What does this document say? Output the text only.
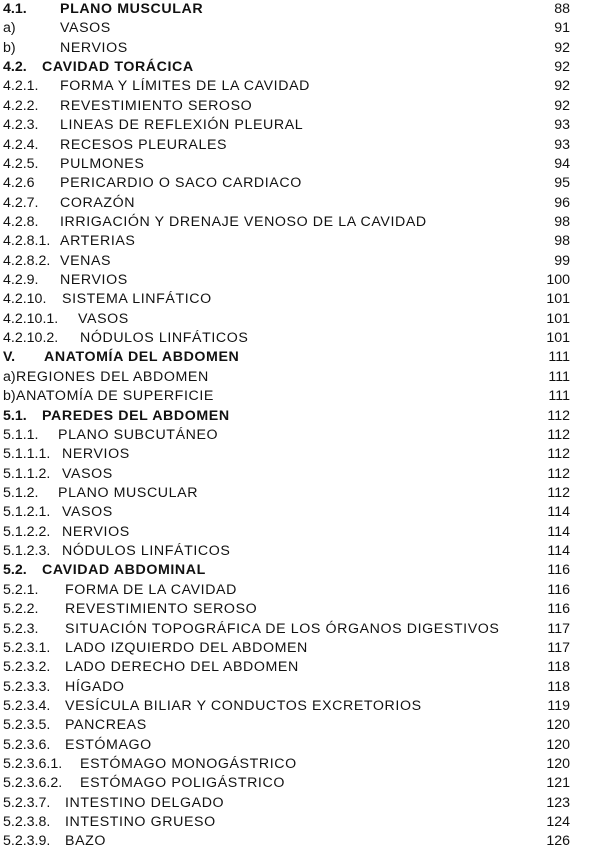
4.1. PLANO MUSCULAR	88
a)	VASOS	91
b)	NERVIOS	92
4.2. CAVIDAD TORÁCICA	92
4.2.1. FORMA Y LÍMITES DE LA CAVIDAD	92
4.2.2. REVESTIMIENTO SEROSO	92
4.2.3. LINEAS DE REFLEXIÓN PLEURAL	93
4.2.4. RECESOS PLEURALES	93
4.2.5. PULMONES	94
4.2.6 PERICARDIO O SACO CARDIACO	95
4.2.7. CORAZÓN	96
4.2.8. IRRIGACIÓN Y DRENAJE VENOSO DE LA CAVIDAD	98
4.2.8.1. ARTERIAS	98
4.2.8.2. VENAS	99
4.2.9. NERVIOS	100
4.2.10. SISTEMA LINFÁTICO	101
4.2.10.1. VASOS	101
4.2.10.2. NÓDULOS LINFÁTICOS	101
V. ANATOMÍA DEL ABDOMEN	111
a) REGIONES DEL ABDOMEN	111
b) ANATOMÍA DE SUPERFICIE	111
5.1. PAREDES DEL ABDOMEN	112
5.1.1. PLANO SUBCUTÁNEO	112
5.1.1.1. NERVIOS	112
5.1.1.2. VASOS	112
5.1.2. PLANO MUSCULAR	112
5.1.2.1. VASOS	114
5.1.2.2. NERVIOS	114
5.1.2.3. NÓDULOS LINFÁTICOS	114
5.2. CAVIDAD ABDOMINAL	116
5.2.1. FORMA DE LA CAVIDAD	116
5.2.2. REVESTIMIENTO SEROSO	116
5.2.3. SITUACIÓN TOPOGRÁFICA DE LOS ÓRGANOS DIGESTIVOS	117
5.2.3.1. LADO IZQUIERDO DEL ABDOMEN	117
5.2.3.2. LADO DERECHO DEL ABDOMEN	118
5.2.3.3. HÍGADO	118
5.2.3.4. VESÍCULA BILIAR Y CONDUCTOS EXCRETORIOS	119
5.2.3.5. PANCREAS	120
5.2.3.6. ESTÓMAGO	120
5.2.3.6.1. ESTÓMAGO MONOGÁSTRICO	120
5.2.3.6.2. ESTÓMAGO POLIGÁSTRICO	121
5.2.3.7. INTESTINO DELGADO	123
5.2.3.8. INTESTINO GRUESO	124
5.2.3.9. BAZO	126
